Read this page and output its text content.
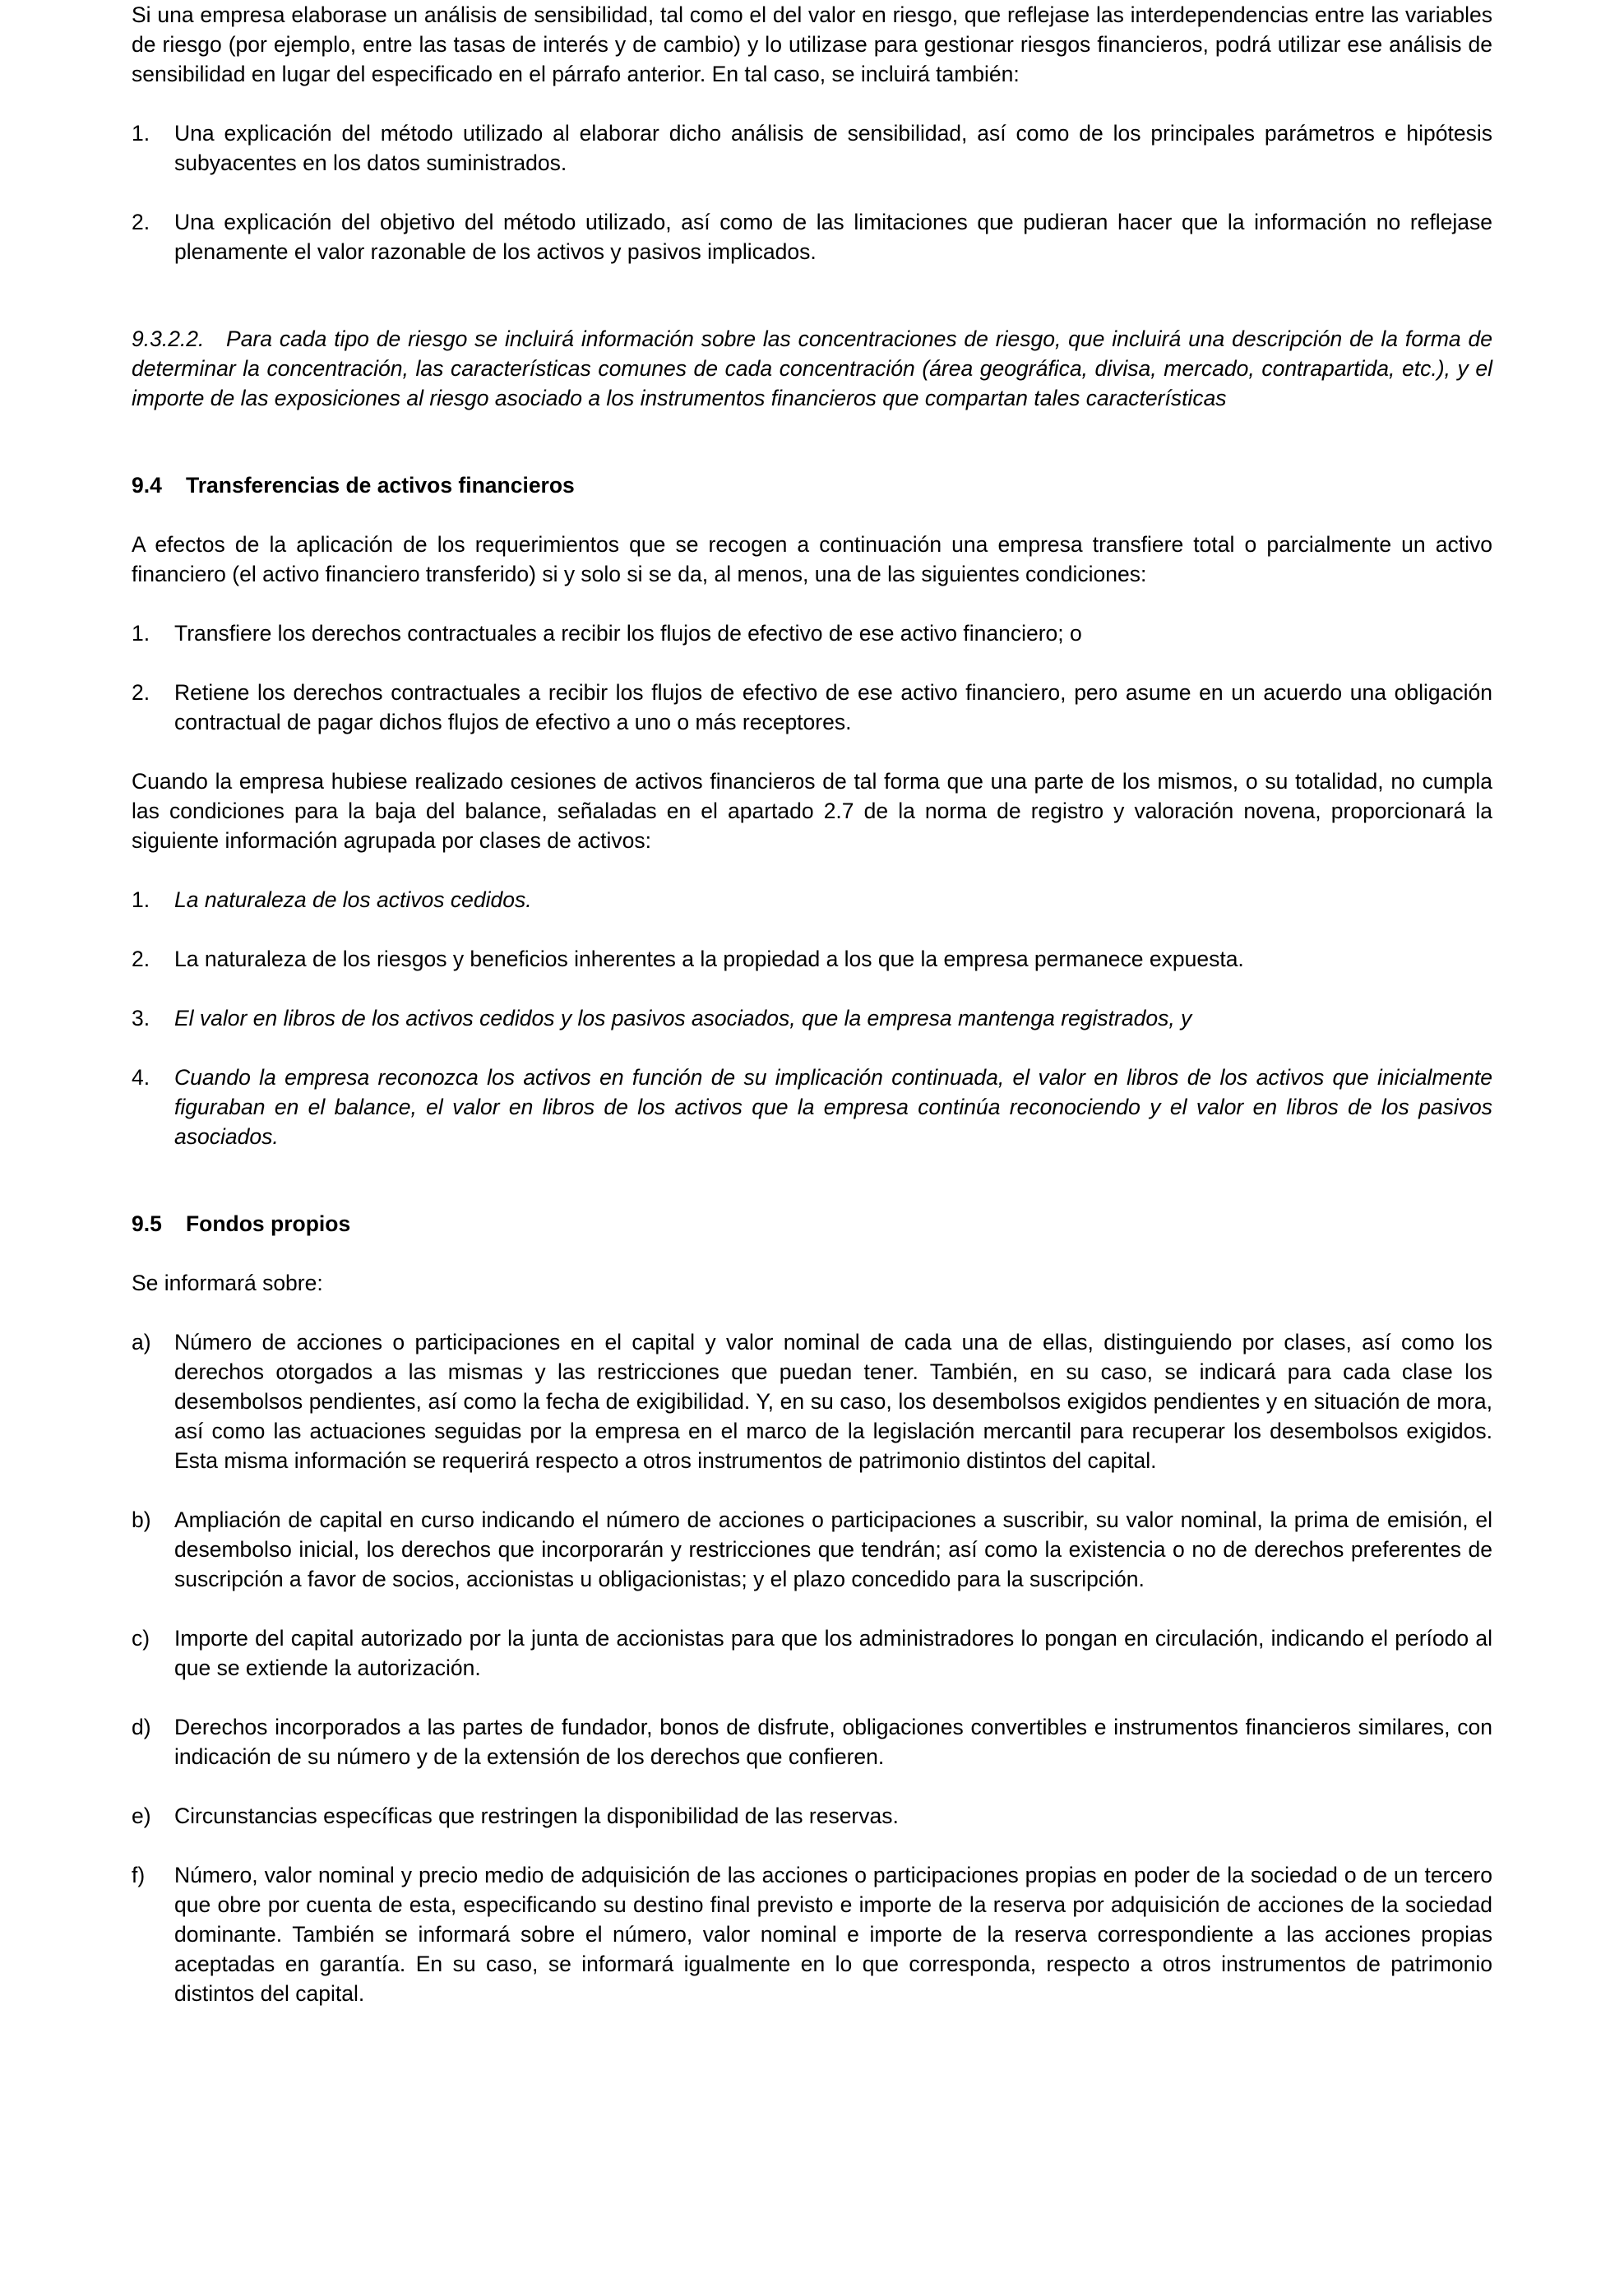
Si una empresa elaborase un análisis de sensibilidad, tal como el del valor en riesgo, que reflejase las interdependencias entre las variables de riesgo (por ejemplo, entre las tasas de interés y de cambio) y lo utilizase para gestionar riesgos financieros, podrá utilizar ese análisis de sensibilidad en lugar del especificado en el párrafo anterior. En tal caso, se incluirá también:

1.	Una explicación del método utilizado al elaborar dicho análisis de sensibilidad, así como de los principales parámetros e hipótesis subyacentes en los datos suministrados.
2.	Una explicación del objetivo del método utilizado, así como de las limitaciones que pudieran hacer que la información no reflejase plenamente el valor razonable de los activos y pasivos implicados.

9.3.2.2. Para cada tipo de riesgo se incluirá información sobre las concentraciones de riesgo, que incluirá una descripción de la forma de determinar la concentración, las características comunes de cada concentración (área geográfica, divisa, mercado, contrapartida, etc.), y el importe de las exposiciones al riesgo asociado a los instrumentos financieros que compartan tales características

9.4 Transferencias de activos financieros

A efectos de la aplicación de los requerimientos que se recogen a continuación una empresa transfiere total o parcialmente un activo financiero (el activo financiero transferido) si y solo si se da, al menos, una de las siguientes condiciones:

1.	Transfiere los derechos contractuales a recibir los flujos de efectivo de ese activo financiero; o
2.	Retiene los derechos contractuales a recibir los flujos de efectivo de ese activo financiero, pero asume en un acuerdo una obligación contractual de pagar dichos flujos de efectivo a uno o más receptores.

Cuando la empresa hubiese realizado cesiones de activos financieros de tal forma que una parte de los mismos, o su totalidad, no cumpla las condiciones para la baja del balance, señaladas en el apartado 2.7 de la norma de registro y valoración novena, proporcionará la siguiente información agrupada por clases de activos:

1.	La naturaleza de los activos cedidos.
2.	La naturaleza de los riesgos y beneficios inherentes a la propiedad a los que la empresa permanece expuesta.
3.	El valor en libros de los activos cedidos y los pasivos asociados, que la empresa mantenga registrados, y
4.	Cuando la empresa reconozca los activos en función de su implicación continuada, el valor en libros de los activos que inicialmente figuraban en el balance, el valor en libros de los activos que la empresa continúa reconociendo y el valor en libros de los pasivos asociados.
9.5 Fondos propios

Se informará sobre:

a)	Número de acciones o participaciones en el capital y valor nominal de cada una de ellas, distinguiendo por clases, así como los derechos otorgados a las mismas y las restricciones que puedan tener. También, en su caso, se indicará para cada clase los desembolsos pendientes, así como la fecha de exigibilidad. Y, en su caso, los desembolsos exigidos pendientes y en situación de mora, así como las actuaciones seguidas por la empresa en el marco de la legislación mercantil para recuperar los desembolsos exigidos. Esta misma información se requerirá respecto a otros instrumentos de patrimonio distintos del capital.
b)	Ampliación de capital en curso indicando el número de acciones o participaciones a suscribir, su valor nominal, la prima de emisión, el desembolso inicial, los derechos que incorporarán y restricciones que tendrán; así como la existencia o no de derechos preferentes de suscripción a favor de socios, accionistas u obligacionistas; y el plazo concedido para la suscripción.
c)	Importe del capital autorizado por la junta de accionistas para que los administradores lo pongan en circulación, indicando el período al que se extiende la autorización.
d)	Derechos incorporados a las partes de fundador, bonos de disfrute, obligaciones convertibles e instrumentos financieros similares, con indicación de su número y de la extensión de los derechos que confieren.
e)	Circunstancias específicas que restringen la disponibilidad de las reservas.
f)	Número, valor nominal y precio medio de adquisición de las acciones o participaciones propias en poder de la sociedad o de un tercero que obre por cuenta de esta, especificando su destino final previsto e importe de la reserva por adquisición de acciones de la sociedad dominante. También se informará sobre el número, valor nominal e importe de la reserva correspondiente a las acciones propias aceptadas en garantía. En su caso, se informará igualmente en lo que corresponda, respecto a otros instrumentos de patrimonio distintos del capital.
